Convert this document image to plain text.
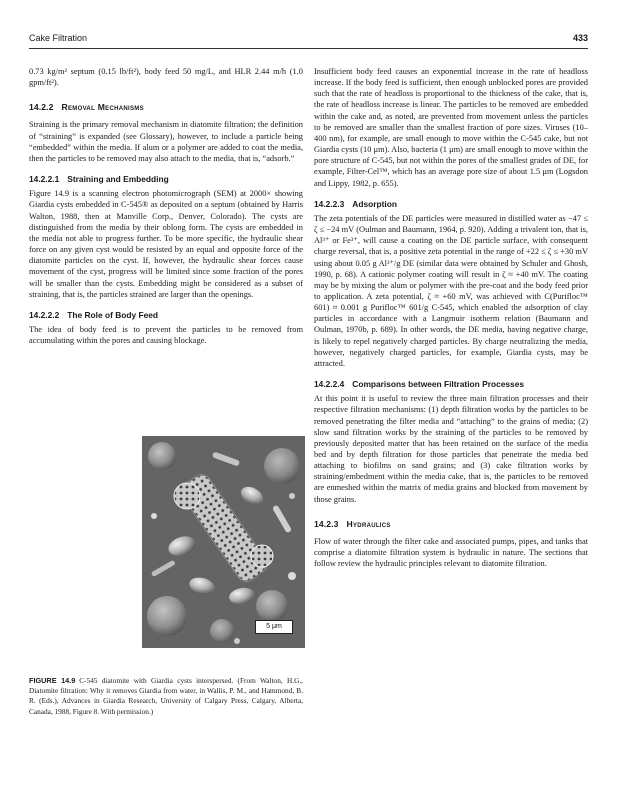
Cake Filtration	433

0.73 kg/m² septum (0.15 lb/ft²), body feed 50 mg/L, and HLR 2.44 m/h (1.0 gpm/ft²).

14.2.2 Removal Mechanisms

Straining is the primary removal mechanism in diatomite filtration; the definition of “straining” is expanded (see Glossary), however, to include a particle being “embedded” within the media. If alum or a polymer are added to coat the media, then the particles to be removed may also attach to the media, that is, “adsorb.”

14.2.2.1 Straining and Embedding

Figure 14.9 is a scanning electron photomicrograph (SEM) at 2000× showing Giardia cysts embedded in C-545® as deposited on a septum (obtained by Harris Walton, 1988, then at Manville Corp., Denver, Colorado). The cysts are distinguished from the media by their oblong form. The cysts are embedded in the media not able to progress further. To be more specific, the hydraulic shear force on any given cyst would be resisted by an equal and opposite force of the diatomite particles on the cyst. If, however, the hydraulic shear forces cause movement of the cyst, progress will be limited since some fraction of the pores will be smaller than the cysts. Embedding might be considered as a subset of straining, that is, the particles strained are larger than the openings.

14.2.2.2 The Role of Body Feed

The idea of body feed is to prevent the particles to be removed from accumulating within the pores and causing blockage.

5 μm
FIGURE 14.9 C-545 diatomite with Giardia cysts interspersed. (From Walton, H.G., Diatomite filtration: Why it removes Giardia from water, in Wallis, P. M., and Hammond, B. R. (Eds.), Advances in Giardia Research, University of Calgary Press, Calgary, Alberta, Canada, 1988, Figure 8. With permission.)

Insufficient body feed causes an exponential increase in the rate of headloss increase. If the body feed is sufficient, then enough unblocked pores are provided such that the rate of headloss is proportional to the thickness of the cake, that is, the rate of headloss increase is linear. The particles to be removed are embedded within the cake and, as noted, are prevented from movement unless the particles to be removed are smaller than the smallest fraction of pore sizes. Viruses (10–400 nm), for example, are small enough to move within the C-545 cake, but not Giardia cysts (10 μm). Also, bacteria (1 μm) are small enough to move within the pore structure of C-545, but not within the pores of the smallest grades of DE, for example, Filter-Cel™, which has an average pore size of about 1.5 μm (Logsdon and Lippy, 1982, p. 655).

14.2.2.3 Adsorption

The zeta potentials of the DE particles were measured in distilled water as −47 ≤ ζ ≤ −24 mV (Oulman and Baumann, 1964, p. 920). Adding a trivalent ion, that is, Al³⁺ or Fe³⁺, will cause a coating on the DE particle surface, with consequent charge reversal, that is, a positive zeta potential in the range of +22 ≤ ζ ≤ +30 mV using about 0.05 g Al³⁺/g DE (similar data were obtained by Schuler and Ghosh, 1990, p. 68). A cationic polymer coating will result in ζ ≈ +40 mV. The coating may be by mixing the alum or polymer with the pre-coat and the body feed prior to application. A zeta potential, ζ ≈ +60 mV, was achieved with C(Purifloc™ 601) ≈ 0.001 g Purifloc™ 601/g C-545, which enabled the adsorption of clay particles in accordance with a Langmuir isotherm relation (Baumann and Oulman, 1970b, p. 689). In other words, the DE media, having negative charge, is likely to repel negatively charged particles. By charge neutralizing the media, however, negatively charged particles, for example, Giardia cysts, may be attracted.

14.2.2.4 Comparisons between Filtration Processes

At this point it is useful to review the three main filtration processes and their respective filtration mechanisms: (1) depth filtration works by the particles to be removed penetrating the filter media and “attaching” to the grains of media; (2) slow sand filtration works by the straining of the particles to be removed by previously deposited matter that has been retained on the surface of the media bed and by depth filtration for those particles that penetrate the media bed attaching to biofilms on sand grains; and (3) cake filtration works by straining/embedment within the media cake, that is, the particles to be removed are enmeshed within the matrix of media grains and blocked from movement by those grains.

14.2.3 Hydraulics

Flow of water through the filter cake and associated pumps, pipes, and tanks that comprise a diatomite filtration system is hydraulic in nature. The sections that follow review the hydraulic principles relevant to diatomite filtration.
